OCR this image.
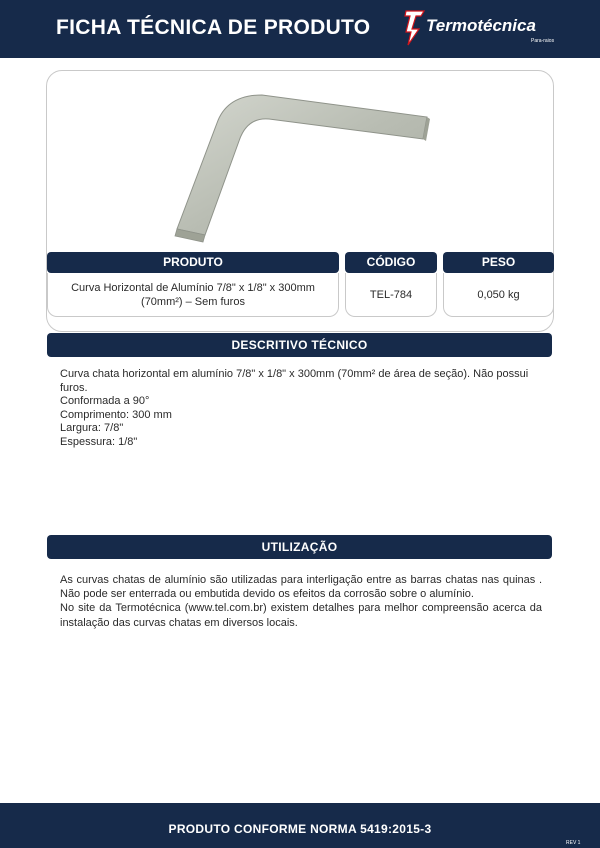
FICHA TÉCNICA DE PRODUTO	Termotécnica
Para-raios
PRODUTO	CÓDIGO	PESO
Curva Horizontal de Alumínio 7/8" x 1/8" x 300mm (70mm²) – Sem furos
TEL-784	0,050 kg
DESCRITIVO TÉCNICO
Curva chata horizontal em alumínio 7/8" x 1/8" x 300mm (70mm² de área de seção). Não possui furos.
Conformada a 90°
Comprimento: 300 mm
Largura: 7/8"
Espessura: 1/8"
UTILIZAÇÃO
As curvas chatas de alumínio são utilizadas para interligação entre as barras chatas nas quinas . Não pode ser enterrada ou embutida devido os efeitos da corrosão sobre o alumínio.
No site da Termotécnica (www.tel.com.br) existem detalhes para melhor compreensão acerca da instalação das curvas chatas em diversos locais.
PRODUTO CONFORME NORMA 5419:2015-3
REV 1
